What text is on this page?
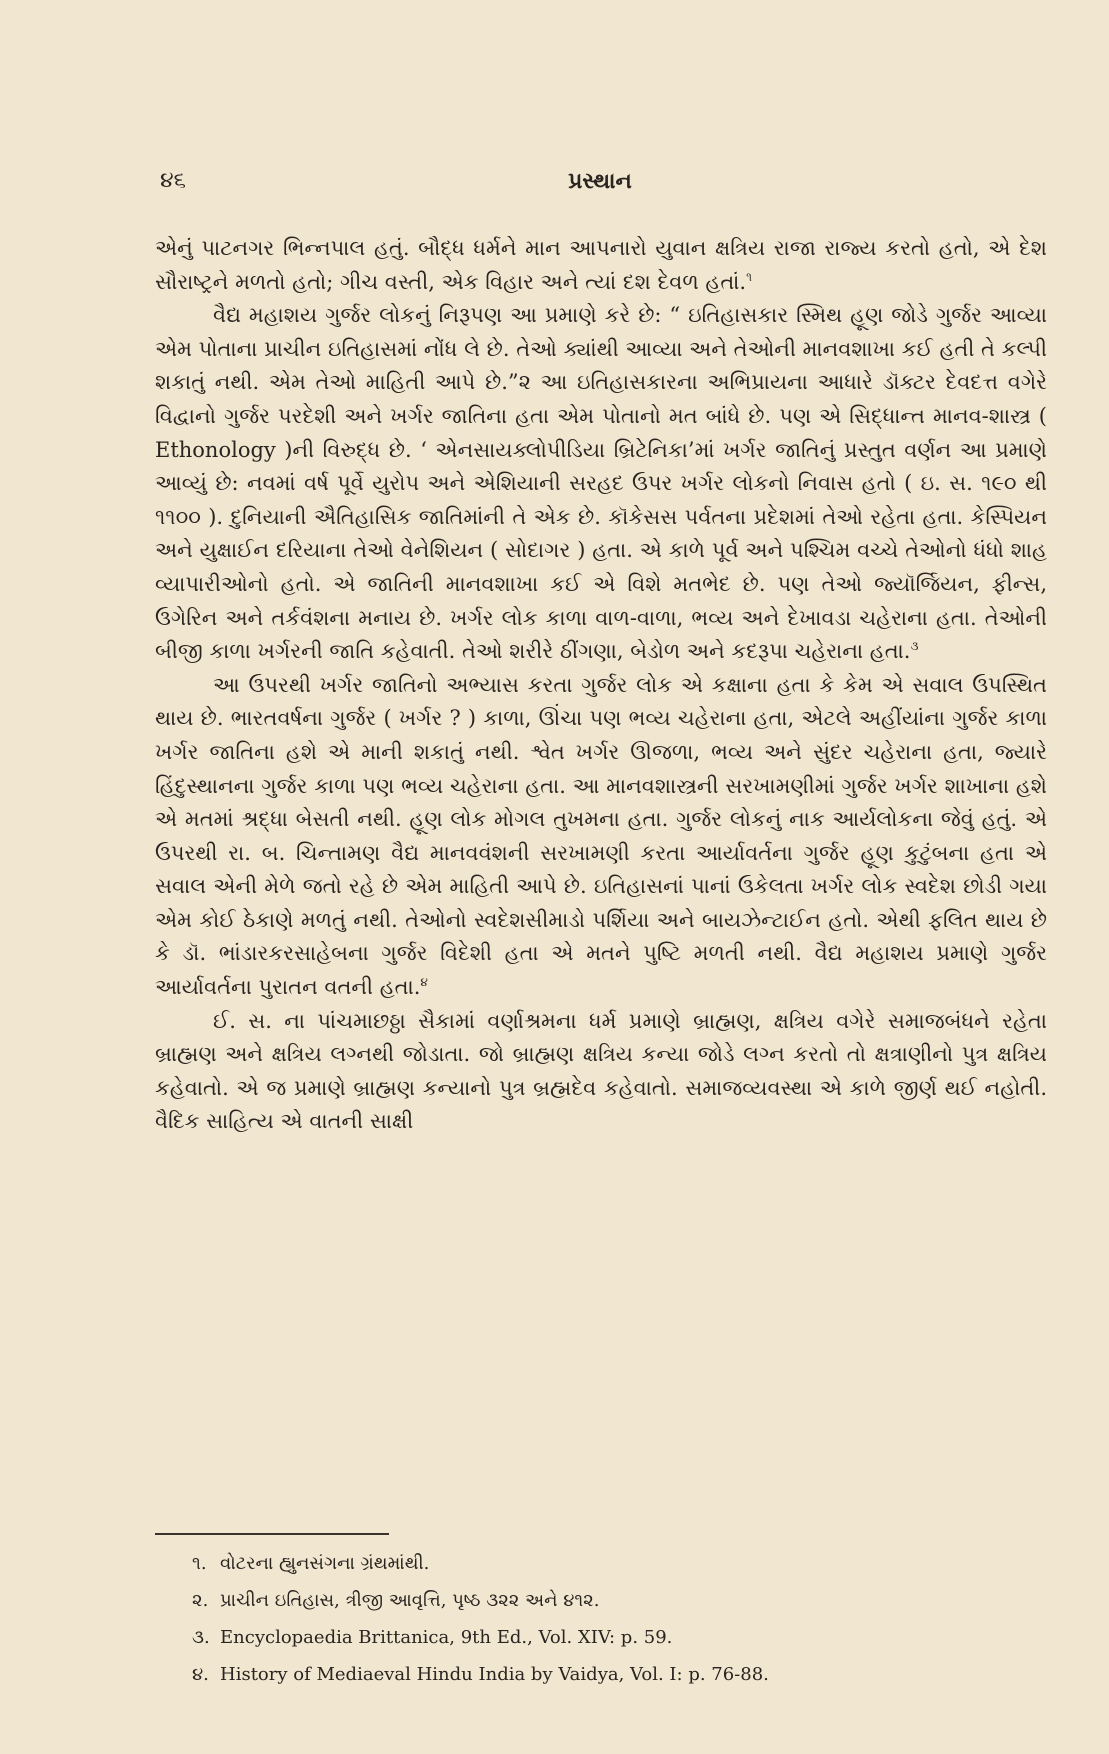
૪૬	પ્રસ્થાન

એનું પાટનગર ભિન્નપાલ હતું. બૌદ્ધ ધર્મને માન આપનારો યુવાન ક્ષત્રિય રાજા રાજ્ય કરતો હતો, એ દેશ સૌરાષ્ટ્રને મળતો હતો; ગીચ વસ્તી, એક વિહાર અને ત્યાં દશ દેવળ હતાં.$^૧$

વૈદ્ય મહાશય ગુર્જર લોકનું નિરૂપણ આ પ્રમાણે કરે છે: “ ઇતિહાસકાર સ્મિથ હૂણ જોડે ગુર્જર આવ્યા એમ પોતાના પ્રાચીન ઇતિહાસમાં નોંધ લે છે. તેઓ ક્યાંથી આવ્યા અને તેઓની માનવશાખા કઈ હતી તે કલ્પી શકાતું નથી. એમ તેઓ માહિતી આપે છે.”૨ આ ઇતિહાસકારના અભિપ્રાયના આધારે ડૉક્ટર દેવદત્ત વગેરે વિદ્વાનો ગુર્જર પરદેશી અને ખર્ગર જાતિના હતા એમ પોતાનો મત બાંધે છે. પણ એ સિદ્ધાન્ત માનવ-શાસ્ત્ર ( Ethonology )ની વિરુદ્ધ છે. ‘ એનસાયક્લોપીડિયા બ્રિટેનિકા’માં ખર્ગર જાતિનું પ્રસ્તુત વર્ણન આ પ્રમાણે આવ્યું છે: નવમાં વર્ષ પૂર્વે યુરોપ અને એશિયાની સરહદ ઉપર ખર્ગર લોકનો નિવાસ હતો ( ઇ. સ. ૧૯૦ થી ૧૧૦૦ ). દુનિયાની ઐતિહાસિક જાતિમાંની તે એક છે. કૉકેસસ પર્વતના પ્રદેશમાં તેઓ રહેતા હતા. કેસ્પિયન અને યુક્ષાઈન દરિયાના તેઓ વેનેશિયન ( સોદાગર ) હતા. એ કાળે પૂર્વ અને પશ્ચિમ વચ્ચે તેઓનો ધંધો શાહ વ્યાપારીઓનો હતો. એ જાતિની માનવશાખા કઈ એ વિશે મતભેદ છે. પણ તેઓ જ્યૉર્જિયન, ફીન્સ, ઉગેરિન અને તર્કવંશના મનાય છે. ખર્ગર લોક કાળા વાળ-વાળા, ભવ્ય અને દેખાવડા ચહેરાના હતા. તેઓની બીજી કાળા ખર્ગરની જાતિ કહેવાતી. તેઓ શરીરે ઠીંગણા, બેડોળ અને કદરૂપા ચહેરાના હતા.$^૩$

આ ઉપરથી ખર્ગર જાતિનો અભ્યાસ કરતા ગુર્જર લોક એ કક્ષાના હતા કે કેમ એ સવાલ ઉપસ્થિત થાય છે. ભારતવર્ષના ગુર્જર ( ખર્ગર ? ) કાળા, ઊંચા પણ ભવ્ય ચહેરાના હતા, એટલે અહીંયાંના ગુર્જર કાળા ખર્ગર જાતિના હશે એ માની શકાતું નથી. શ્વેત ખર્ગર ઊજળા, ભવ્ય અને સુંદર ચહેરાના હતા, જ્યારે હિંદુસ્થાનના ગુર્જર કાળા પણ ભવ્ય ચહેરાના હતા. આ માનવશાસ્ત્રની સરખામણીમાં ગુર્જર ખર્ગર શાખાના હશે એ મતમાં શ્રદ્ધા બેસતી નથી. હૂણ લોક મોગલ તુખમના હતા. ગુર્જર લોકનું નાક આર્યલોકના જેવું હતું. એ ઉપરથી રા. બ. ચિન્તામણ વૈદ્ય માનવવંશની સરખામણી કરતા આર્યાવર્તના ગુર્જર હૂણ કુટુંબના હતા એ સવાલ એની મેળે જતો રહે છે એમ માહિતી આપે છે. ઇતિહાસનાં પાનાં ઉકેલતા ખર્ગર લોક સ્વદેશ છોડી ગયા એમ કોઈ ઠેકાણે મળતું નથી. તેઓનો સ્વદેશસીમાડો પર્શિયા અને બાયઝેન્ટાઈન હતો. એથી ફલિત થાય છે કે ડૉ. ભાંડારકરસાહેબના ગુર્જર વિદેશી હતા એ મતને પુષ્ટિ મળતી નથી. વૈદ્ય મહાશય પ્રમાણે ગુર્જર આર્યાવર્તના પુરાતન વતની હતા.$^૪$

ઈ. સ. ના પાંચમાછઠ્ઠા સૈકામાં વર્ણાશ્રમના ધર્મ પ્રમાણે બ્રાહ્મણ, ક્ષત્રિય વગેરે સમાજબંધને રહેતા બ્રાહ્મણ અને ક્ષત્રિય લગ્નથી જોડાતા. જો બ્રાહ્મણ ક્ષત્રિય કન્યા જોડે લગ્ન કરતો તો ક્ષત્રાણીનો પુત્ર ક્ષત્રિય કહેવાતો. એ જ પ્રમાણે બ્રાહ્મણ કન્યાનો પુત્ર બ્રહ્મદેવ કહેવાતો. સમાજવ્યવસ્થા એ કાળે જીર્ણ થઈ નહોતી. વૈદિક સાહિત્ય એ વાતની સાક્ષી

૧. વોટરના હ્યુનસંગના ગ્રંથમાંથી.
૨. પ્રાચીન ઇતિહાસ, ત્રીજી આવૃત્તિ, પૃષ્ઠ ૩૨૨ અને ૪૧૨.
૩. Encyclopaedia Brittanica, 9th Ed., Vol. XIV: p. 59.
૪. History of Mediaeval Hindu India by Vaidya, Vol. I: p. 76-88.
